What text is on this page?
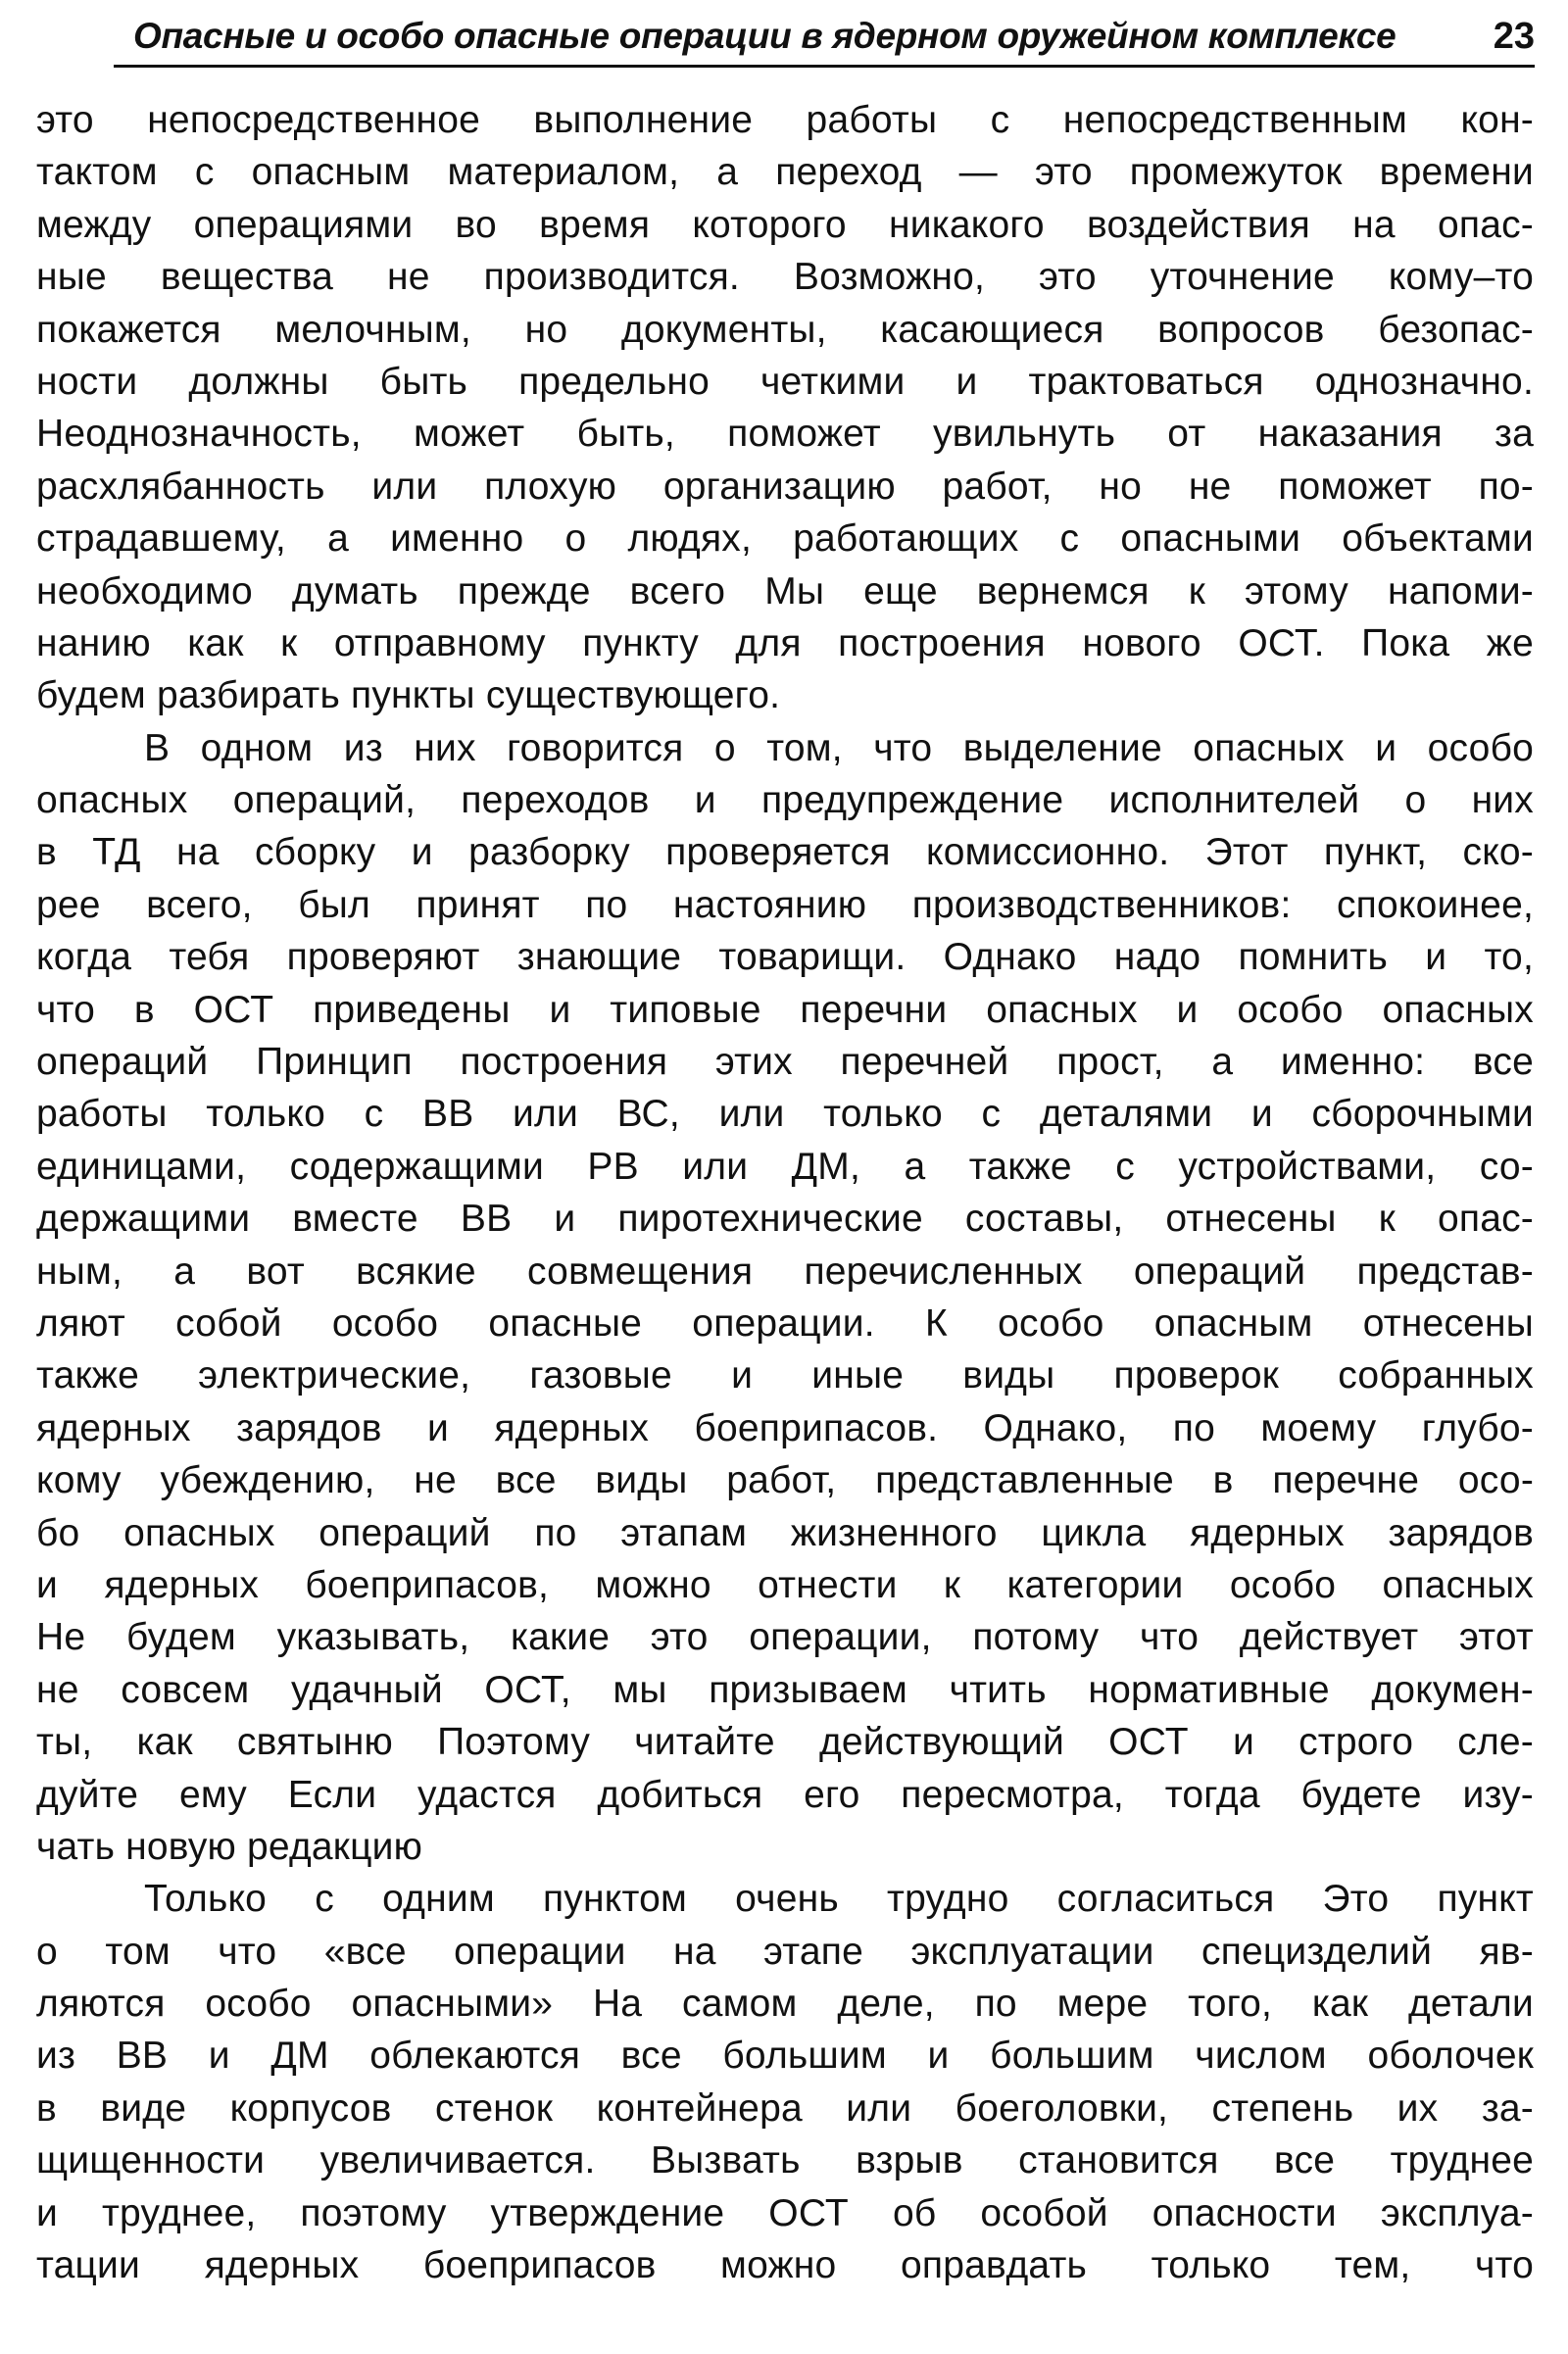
Опасные и особо опасные операции в ядерном оружейном комплексе	23
это непосредственное выполнение работы с непосредственным кон-
тактом с опасным материалом, а переход — это промежуток времени
между операциями во время которого никакого воздействия на опас-
ные вещества не производится. Возможно, это уточнение кому–то
покажется мелочным, но документы, касающиеся вопросов безопас-
ности должны быть предельно четкими и трактоваться однозначно.
Неоднозначность, может быть, поможет увильнуть от наказания за
расхлябанность или плохую организацию работ, но не поможет по-
страдавшему, а именно о людях, работающих с опасными объектами
необходимо думать прежде всего Мы еще вернемся к этому напоми-
нанию как к отправному пункту для построения нового ОСТ. Пока же
будем разбирать пункты существующего.
В одном из них говорится о том, что выделение опасных и особо
опасных операций, переходов и предупреждение исполнителей о них
в ТД на сборку и разборку проверяется комиссионно. Этот пункт, ско-
рее всего, был принят по настоянию производственников: спокоинее,
когда тебя проверяют знающие товарищи. Однако надо помнить и то,
что в ОСТ приведены и типовые перечни опасных и особо опасных
операций Принцип построения этих перечней прост, а именно: все
работы только с ВВ или ВС, или только с деталями и сборочными
единицами, содержащими РВ или ДМ, а также с устройствами, со-
держащими вместе ВВ и пиротехнические составы, отнесены к опас-
ным, а вот всякие совмещения перечисленных операций представ-
ляют собой особо опасные операции. К особо опасным отнесены
также электрические, газовые и иные виды проверок собранных
ядерных зарядов и ядерных боеприпасов. Однако, по моему глубо-
кому убеждению, не все виды работ, представленные в перечне осо-
бо опасных операций по этапам жизненного цикла ядерных зарядов
и ядерных боеприпасов, можно отнести к категории особо опасных
Не будем указывать, какие это операции, потому что действует этот
не совсем удачный ОСТ, мы призываем чтить нормативные докумен-
ты, как святыню Поэтому читайте действующий ОСТ и строго сле-
дуйте ему Если удастся добиться его пересмотра, тогда будете изу-
чать новую редакцию
Только с одним пунктом очень трудно согласиться Это пункт
о том что «все операции на этапе эксплуатации специзделий яв-
ляются особо опасными» На самом деле, по мере того, как детали
из ВВ и ДМ облекаются все большим и большим числом оболочек
в виде корпусов стенок контейнера или боеголовки, степень их за-
щищенности увеличивается. Вызвать взрыв становится все труднее
и труднее, поэтому утверждение ОСТ об особой опасности эксплуа-
тации ядерных боеприпасов можно оправдать только тем, что
